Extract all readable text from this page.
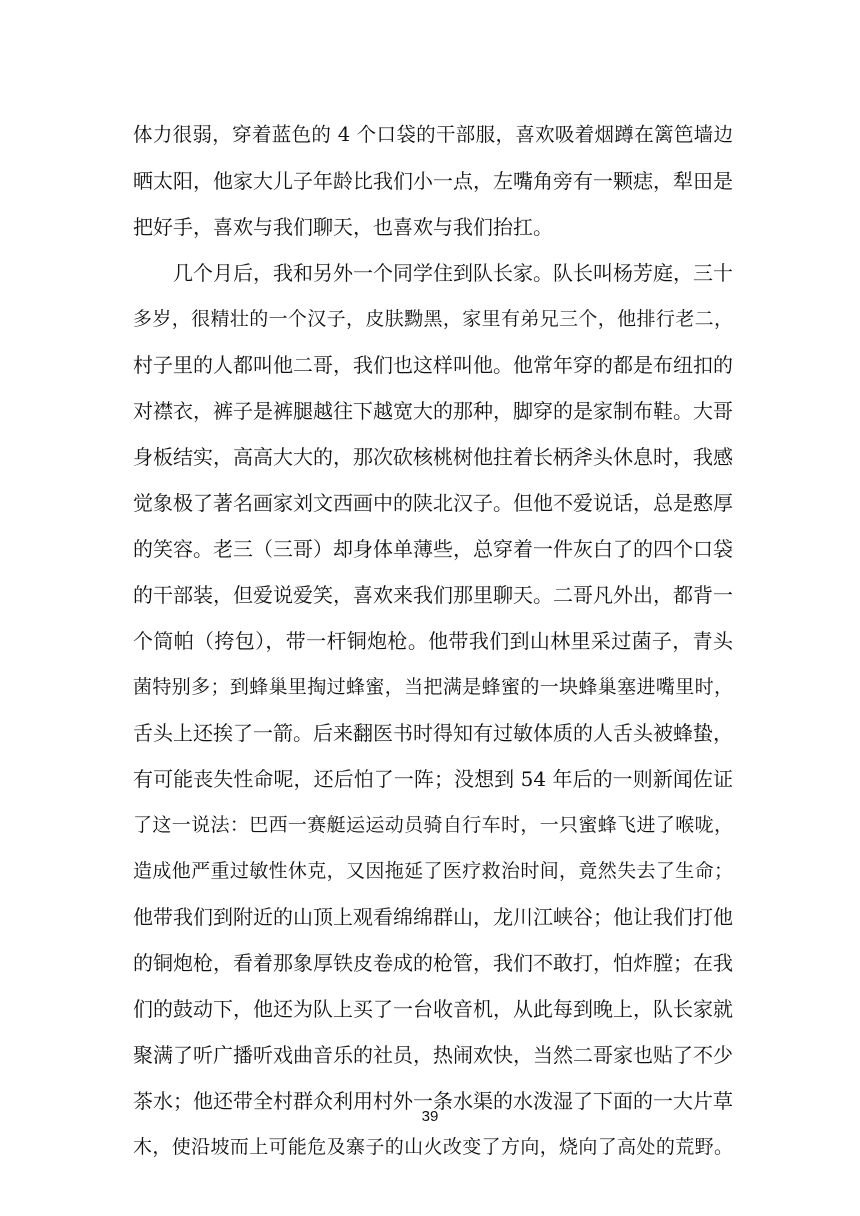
体力很弱，穿着蓝色的 4 个口袋的干部服，喜欢吸着烟蹲在篱笆墙边
晒太阳，他家大儿子年龄比我们小一点，左嘴角旁有一颗痣，犁田是
把好手，喜欢与我们聊天，也喜欢与我们抬扛。
几个月后，我和另外一个同学住到队长家。队长叫杨芳庭，三十
多岁，很精壮的一个汉子，皮肤黝黑，家里有弟兄三个，他排行老二，
村子里的人都叫他二哥，我们也这样叫他。他常年穿的都是布纽扣的
对襟衣，裤子是裤腿越往下越宽大的那种，脚穿的是家制布鞋。大哥
身板结实，高高大大的，那次砍核桃树他拄着长柄斧头休息时，我感
觉象极了著名画家刘文西画中的陕北汉子。但他不爱说话，总是憨厚
的笑容。老三（三哥）却身体单薄些，总穿着一件灰白了的四个口袋
的干部装，但爱说爱笑，喜欢来我们那里聊天。二哥凡外出，都背一
个筒帕（挎包），带一杆铜炮枪。他带我们到山林里采过菌子，青头
菌特别多；到蜂巢里掏过蜂蜜，当把满是蜂蜜的一块蜂巢塞进嘴里时，
舌头上还挨了一箭。后来翻医书时得知有过敏体质的人舌头被蜂蛰，
有可能丧失性命呢，还后怕了一阵；没想到 54 年后的一则新闻佐证
了这一说法：巴西一赛艇运运动员骑自行车时，一只蜜蜂飞进了喉咙，
造成他严重过敏性休克，又因拖延了医疗救治时间，竟然失去了生命；
他带我们到附近的山顶上观看绵绵群山，龙川江峡谷；他让我们打他
的铜炮枪，看着那象厚铁皮卷成的枪管，我们不敢打，怕炸膛；在我
们的鼓动下，他还为队上买了一台收音机，从此每到晚上，队长家就
聚满了听广播听戏曲音乐的社员，热闹欢快，当然二哥家也贴了不少
茶水；他还带全村群众利用村外一条水渠的水泼湿了下面的一大片草
木，使沿坡而上可能危及寨子的山火改变了方向，烧向了高处的荒野。
39
